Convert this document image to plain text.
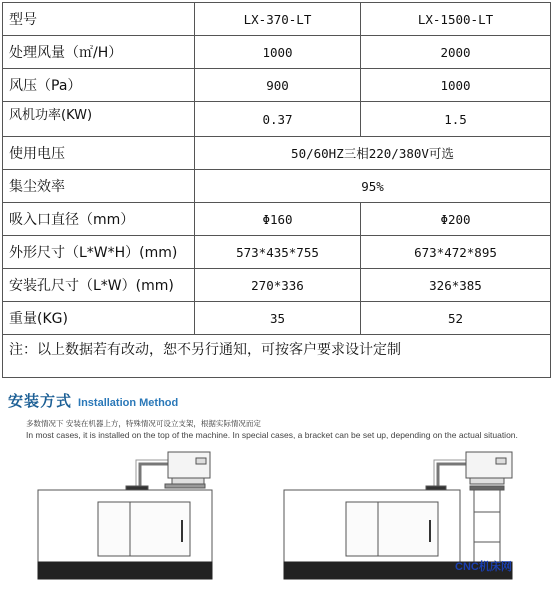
型号	LX-370-LT	LX-1500-LT
处理风量（㎡/H）	1000	2000
风压（Pa）	900	1000
风机功率(KW)	0.37	1.5
使用电压	50/60HZ三相220/380V可选	
集尘效率	95%	
吸入口直径（mm）	Φ160	Φ200
外形尺寸（L*W*H）(mm)	573*435*755	673*472*895
安装孔尺寸（L*W）(mm)	270*336	326*385
重量(KG)	35	52
注：以上数据若有改动，恕不另行通知，可按客户要求设计定制		
安装方式 Installation Method
多数情况下 安装在机器上方，特殊情况可设立支架，根据实际情况而定
In most cases, it is installed on the top of the machine. In special cases, a bracket can be set up, depending on the actual situation.
CNC机床网
